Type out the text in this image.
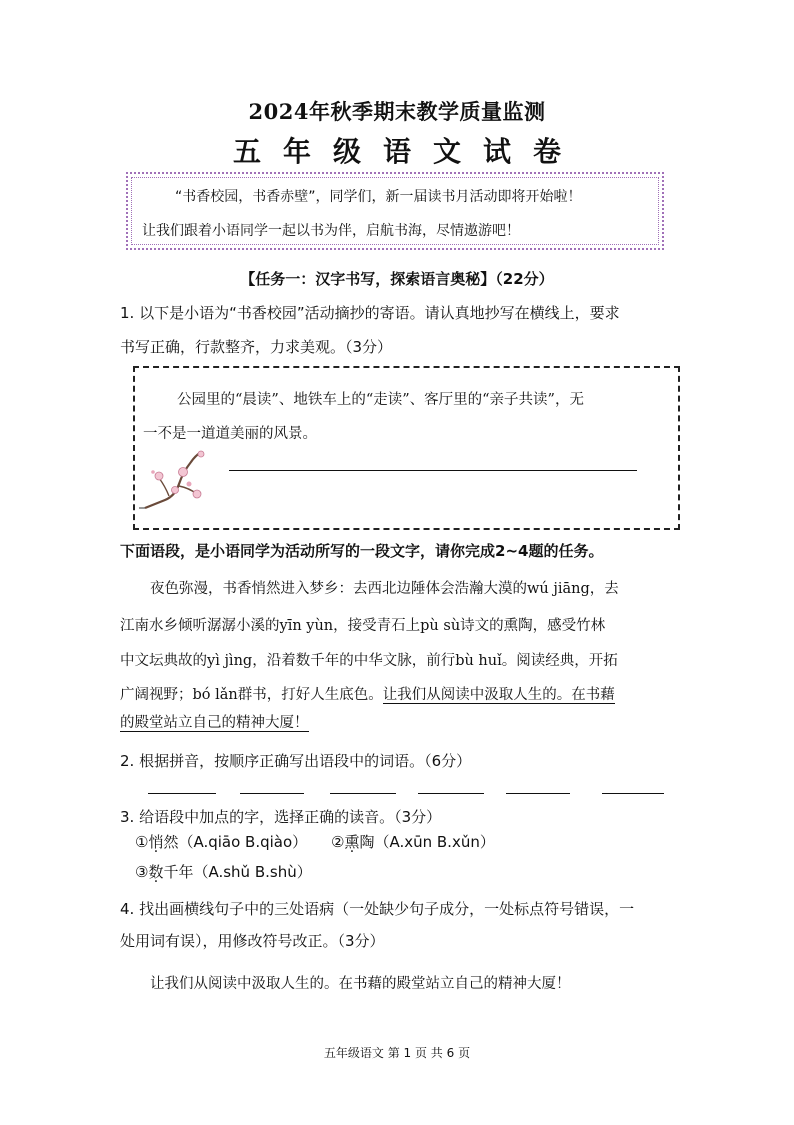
2024年秋季期末教学质量监测
五年级语文试卷
“书香校园，书香赤壁”，同学们，新一届读书月活动即将开始啦！
让我们跟着小语同学一起以书为伴，启航书海，尽情遨游吧！
【任务一：汉字书写，探索语言奥秘】（22分）
1. 以下是小语为“书香校园”活动摘抄的寄语。请认真地抄写在横线上，要求
书写正确，行款整齐，力求美观。（3分）
公园里的“晨读”、地铁车上的“走读”、客厅里的“亲子共读”，无
一不是一道道美丽的风景。
下面语段，是小语同学为活动所写的一段文字，请你完成2~4题的任务。
夜色弥漫，书香悄然进入梦乡：去西北边陲体会浩瀚大漠的wú jiāng，去
江南水乡倾听潺潺小溪的yīn yùn，接受青石上pù sù诗文的熏陶，感受竹林
中文坛典故的yì jìng，沿着数千年的中华文脉，前行bù huǐ。阅读经典，开拓
广阔视野；bó lǎn群书，打好人生底色。让我们从阅读中汲取人生的。在书藉
的殿堂站立自己的精神大厦！
2. 根据拼音，按顺序正确写出语段中的词语。（6分）
3. 给语段中加点的字，选择正确的读音。（3分）
①悄然（A.qiāo B.qiào） ②熏陶（A.xūn B.xǔn）
③数千年（A.shǔ B.shù）
4. 找出画横线句子中的三处语病（一处缺少句子成分，一处标点符号错误，一
处用词有误），用修改符号改正。（3分）
让我们从阅读中汲取人生的。在书藉的殿堂站立自己的精神大厦！
五年级语文 第 1 页 共 6 页
